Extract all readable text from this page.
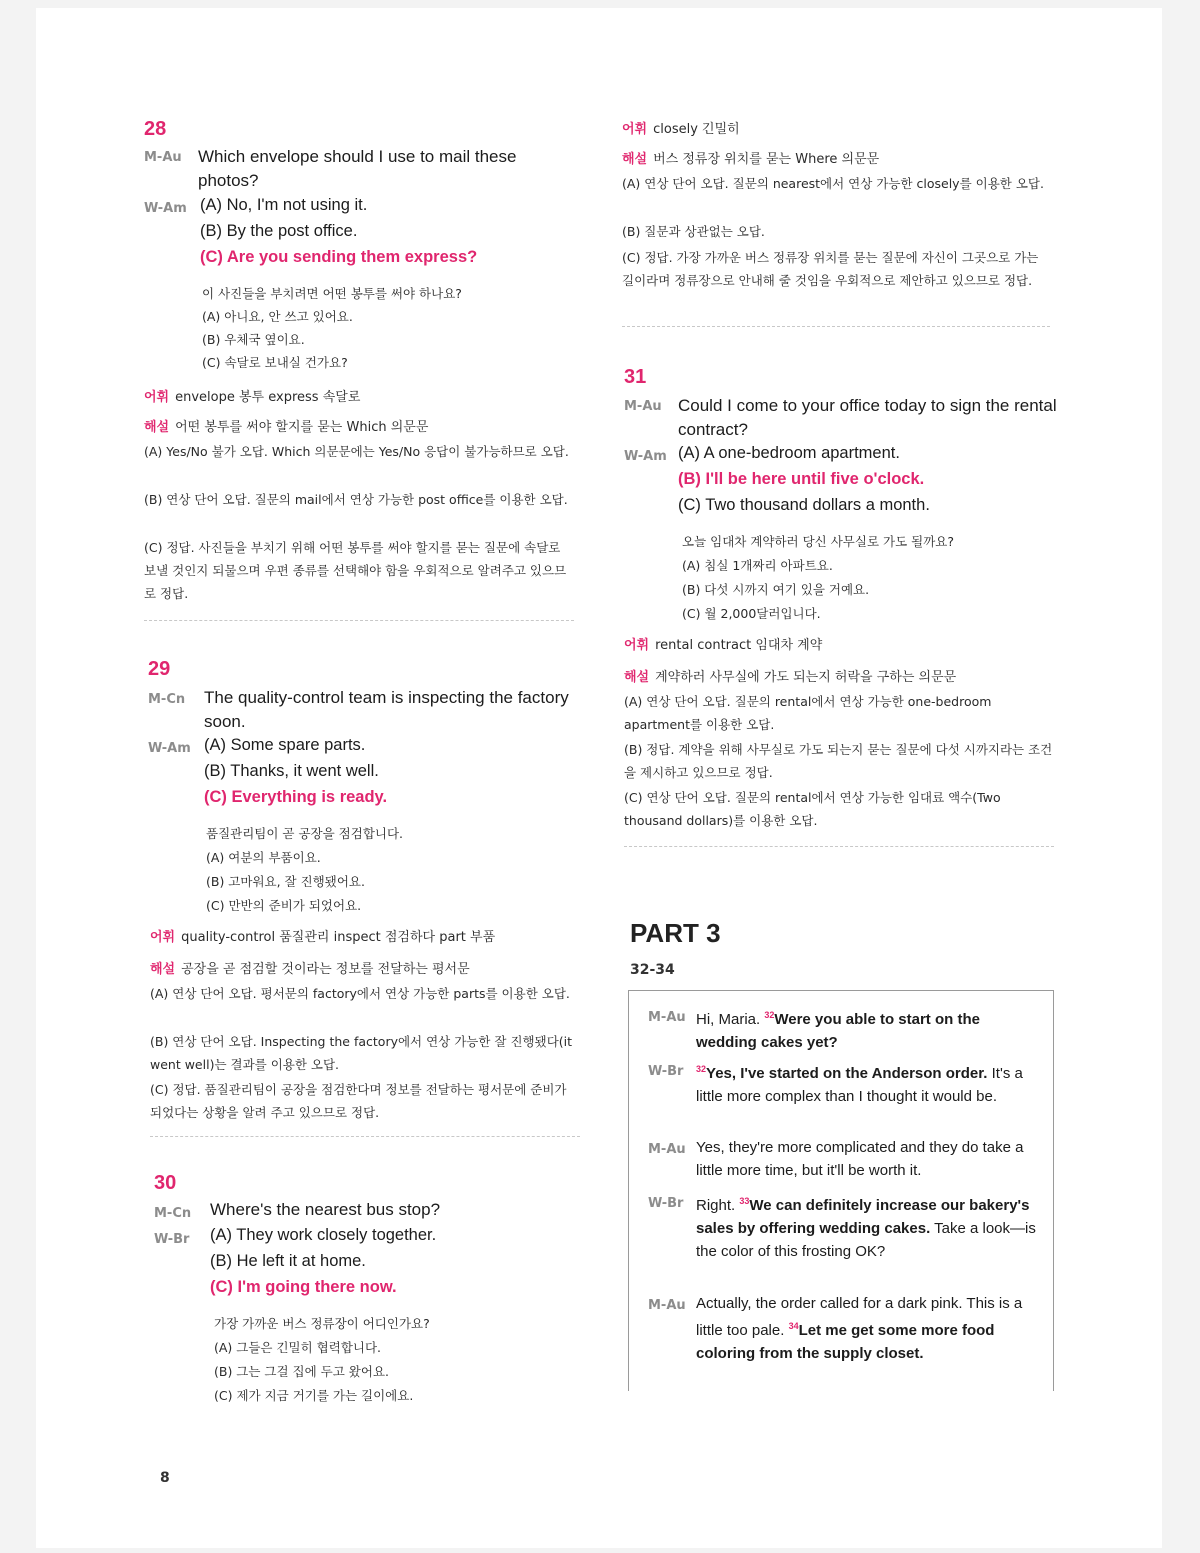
28
M-Au Which envelope should I use to mail these photos?
W-Am (A) No, I'm not using it.
(B) By the post office.
(C) Are you sending them express?
이 사진들을 부치려면 어떤 봉투를 써야 하나요?
(A) 아니요, 안 쓰고 있어요.
(B) 우체국 옆이요.
(C) 속달로 보내실 건가요?
어휘 envelope 봉투 express 속달로
해설 어떤 봉투를 써야 할지를 묻는 Which 의문문
(A) Yes/No 불가 오답. Which 의문문에는 Yes/No 응답이 불가능하므로 오답.
(B) 연상 단어 오답. 질문의 mail에서 연상 가능한 post office를 이용한 오답.
(C) 정답. 사진들을 부치기 위해 어떤 봉투를 써야 할지를 묻는 질문에 속달로 보낼 것인지 되물으며 우편 종류를 선택해야 함을 우회적으로 알려주고 있으므로 정답.
29
M-Cn The quality-control team is inspecting the factory soon.
W-Am (A) Some spare parts.
(B) Thanks, it went well.
(C) Everything is ready.
품질관리팀이 곧 공장을 점검합니다.
(A) 여분의 부품이요.
(B) 고마워요, 잘 진행됐어요.
(C) 만반의 준비가 되었어요.
어휘 quality-control 품질관리 inspect 점검하다 part 부품
해설 공장을 곧 점검할 것이라는 정보를 전달하는 평서문
(A) 연상 단어 오답. 평서문의 factory에서 연상 가능한 parts를 이용한 오답.
(B) 연상 단어 오답. Inspecting the factory에서 연상 가능한 잘 진행됐다(it went well)는 결과를 이용한 오답.
(C) 정답. 품질관리팀이 공장을 점검한다며 정보를 전달하는 평서문에 준비가 되었다는 상황을 알려 주고 있으므로 정답.
30
M-Cn Where's the nearest bus stop?
W-Br (A) They work closely together.
(B) He left it at home.
(C) I'm going there now.
가장 가까운 버스 정류장이 어디인가요?
(A) 그들은 긴밀히 협력합니다.
(B) 그는 그걸 집에 두고 왔어요.
(C) 제가 지금 거기를 가는 길이에요.
8
어휘 closely 긴밀히
해설 버스 정류장 위치를 묻는 Where 의문문
(A) 연상 단어 오답. 질문의 nearest에서 연상 가능한 closely를 이용한 오답.
(B) 질문과 상관없는 오답.
(C) 정답. 가장 가까운 버스 정류장 위치를 묻는 질문에 자신이 그곳으로 가는 길이라며 정류장으로 안내해 줄 것임을 우회적으로 제안하고 있으므로 정답.
31
M-Au Could I come to your office today to sign the rental contract?
W-Am (A) A one-bedroom apartment.
(B) I'll be here until five o'clock.
(C) Two thousand dollars a month.
오늘 임대차 계약하러 당신 사무실로 가도 될까요?
(A) 침실 1개짜리 아파트요.
(B) 다섯 시까지 여기 있을 거예요.
(C) 월 2,000달러입니다.
어휘 rental contract 임대차 계약
해설 계약하러 사무실에 가도 되는지 허락을 구하는 의문문
(A) 연상 단어 오답. 질문의 rental에서 연상 가능한 one-bedroom apartment를 이용한 오답.
(B) 정답. 계약을 위해 사무실로 가도 되는지 묻는 질문에 다섯 시까지라는 조건을 제시하고 있으므로 정답.
(C) 연상 단어 오답. 질문의 rental에서 연상 가능한 임대료 액수(Two thousand dollars)를 이용한 오답.
PART 3
32-34
M-Au Hi, Maria. $^{32}$Were you able to start on the wedding cakes yet?
W-Br $^{32}$Yes, I've started on the Anderson order. It's a little more complex than I thought it would be.
M-Au Yes, they're more complicated and they do take a little more time, but it'll be worth it.
W-Br Right. $^{33}$We can definitely increase our bakery's sales by offering wedding cakes. Take a look—is the color of this frosting OK?
M-Au Actually, the order called for a dark pink. This is a little too pale. $^{34}$Let me get some more food coloring from the supply closet.
